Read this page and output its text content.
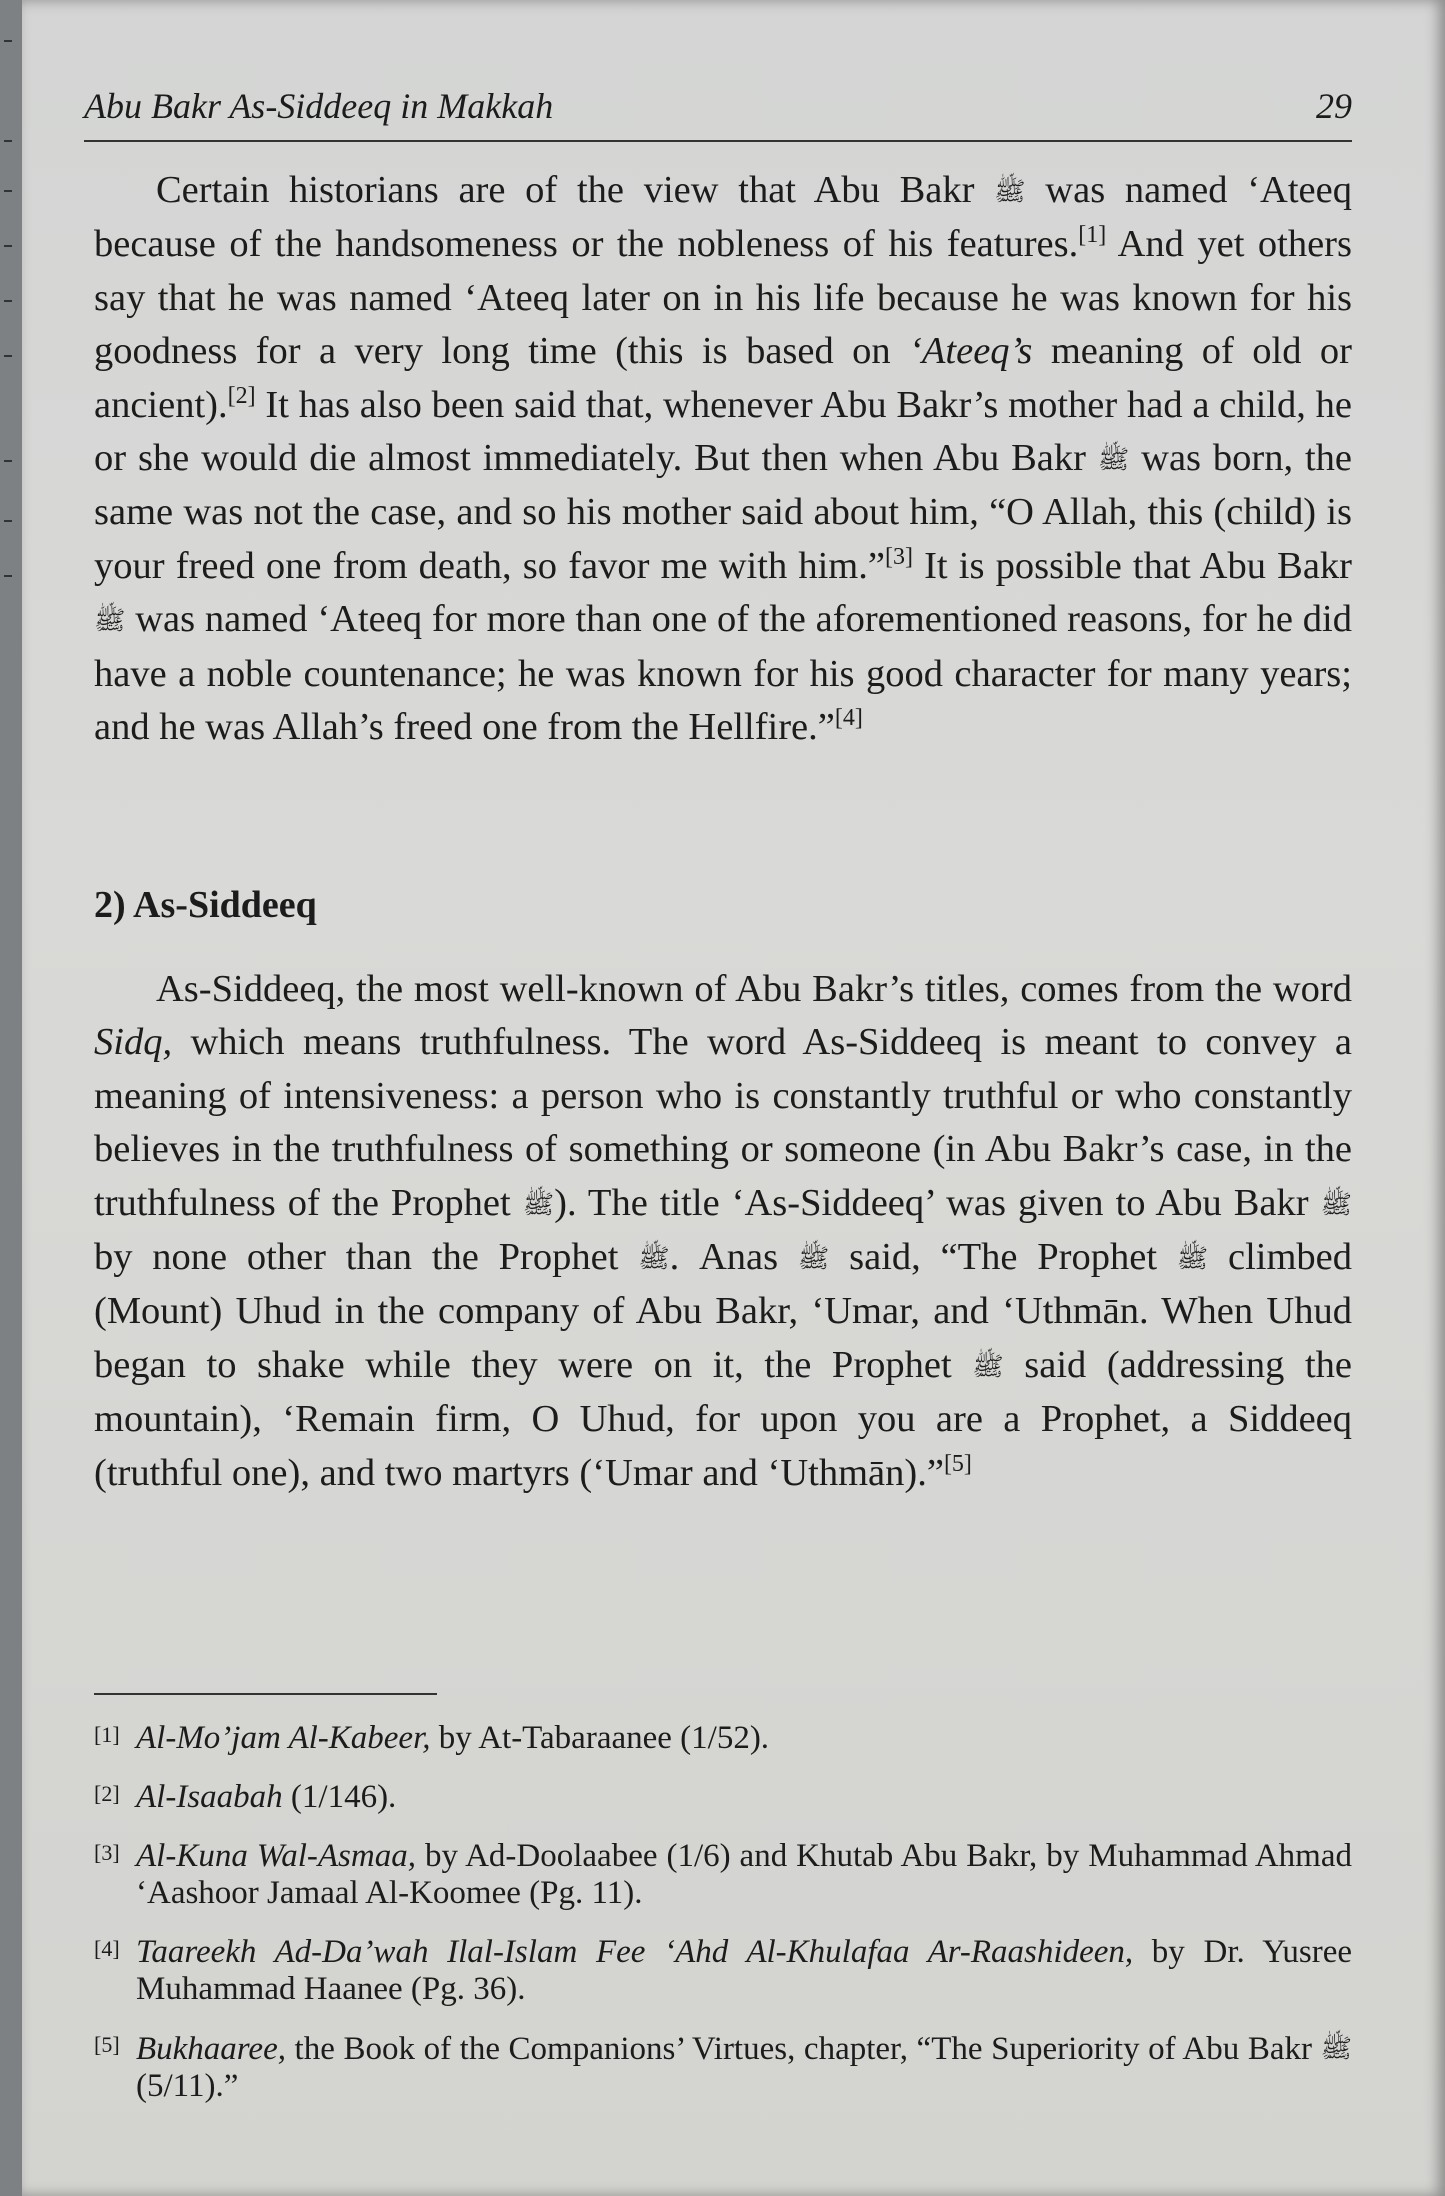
Abu Bakr As-Siddeeq in Makkah	29

Certain historians are of the view that Abu Bakr ﷺ was named ‘Ateeq because of the handsomeness or the nobleness of his features.[1] And yet others say that he was named ‘Ateeq later on in his life because he was known for his goodness for a very long time (this is based on ‘Ateeq’s meaning of old or ancient).[2] It has also been said that, whenever Abu Bakr’s mother had a child, he or she would die almost immediately. But then when Abu Bakr ﷺ was born, the same was not the case, and so his mother said about him, “O Allah, this (child) is your freed one from death, so favor me with him.”[3] It is possible that Abu Bakr ﷺ was named ‘Ateeq for more than one of the aforementioned reasons, for he did have a noble countenance; he was known for his good character for many years; and he was Allah’s freed one from the Hellfire.”[4]

2) As-Siddeeq

As-Siddeeq, the most well-known of Abu Bakr’s titles, comes from the word Sidq, which means truthfulness. The word As-Siddeeq is meant to convey a meaning of intensiveness: a person who is constantly truthful or who constantly believes in the truthfulness of something or someone (in Abu Bakr’s case, in the truthfulness of the Prophet ﷺ). The title ‘As-Siddeeq’ was given to Abu Bakr ﷺ by none other than the Prophet ﷺ. Anas ﷺ said, “The Prophet ﷺ climbed (Mount) Uhud in the company of Abu Bakr, ‘Umar, and ‘Uthmān. When Uhud began to shake while they were on it, the Prophet ﷺ said (addressing the mountain), ‘Remain firm, O Uhud, for upon you are a Prophet, a Siddeeq (truthful one), and two martyrs (‘Umar and ‘Uthmān).”[5]

[1] Al-Mo’jam Al-Kabeer, by At-Tabaraanee (1/52).
[2] Al-Isaabah (1/146).
[3] Al-Kuna Wal-Asmaa, by Ad-Doolaabee (1/6) and Khutab Abu Bakr, by Muhammad Ahmad ‘Aashoor Jamaal Al-Koomee (Pg. 11).
[4] Taareekh Ad-Da’wah Ilal-Islam Fee ‘Ahd Al-Khulafaa Ar-Raashideen, by Dr. Yusree Muhammad Haanee (Pg. 36).
[5] Bukhaaree, the Book of the Companions’ Virtues, chapter, “The Superiority of Abu Bakr ﷺ (5/11).”
